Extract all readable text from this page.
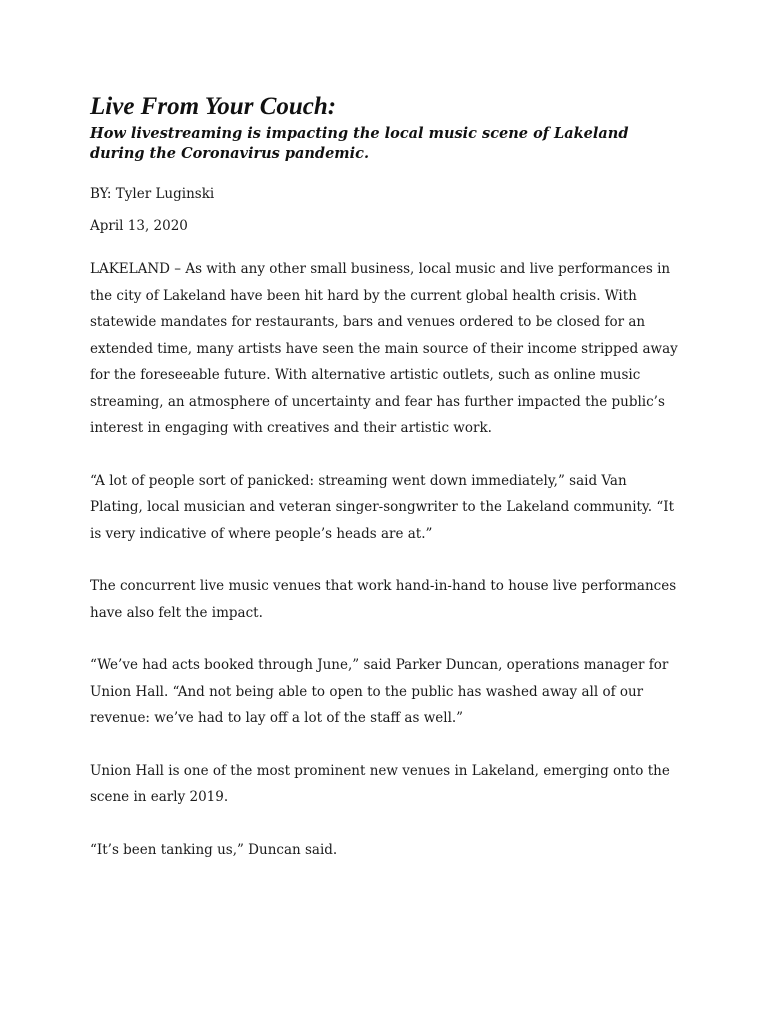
Live From Your Couch:
How livestreaming is impacting the local music scene of Lakeland during the Coronavirus pandemic.

BY: Tyler Luginski

April 13, 2020

LAKELAND – As with any other small business, local music and live performances in the city of Lakeland have been hit hard by the current global health crisis. With statewide mandates for restaurants, bars and venues ordered to be closed for an extended time, many artists have seen the main source of their income stripped away for the foreseeable future. With alternative artistic outlets, such as online music streaming, an atmosphere of uncertainty and fear has further impacted the public’s interest in engaging with creatives and their artistic work.

“A lot of people sort of panicked: streaming went down immediately,” said Van Plating, local musician and veteran singer-songwriter to the Lakeland community. “It is very indicative of where people’s heads are at.”

The concurrent live music venues that work hand-in-hand to house live performances have also felt the impact.

“We’ve had acts booked through June,” said Parker Duncan, operations manager for Union Hall. “And not being able to open to the public has washed away all of our revenue: we’ve had to lay off a lot of the staff as well.”

Union Hall is one of the most prominent new venues in Lakeland, emerging onto the scene in early 2019.

“It’s been tanking us,” Duncan said.
